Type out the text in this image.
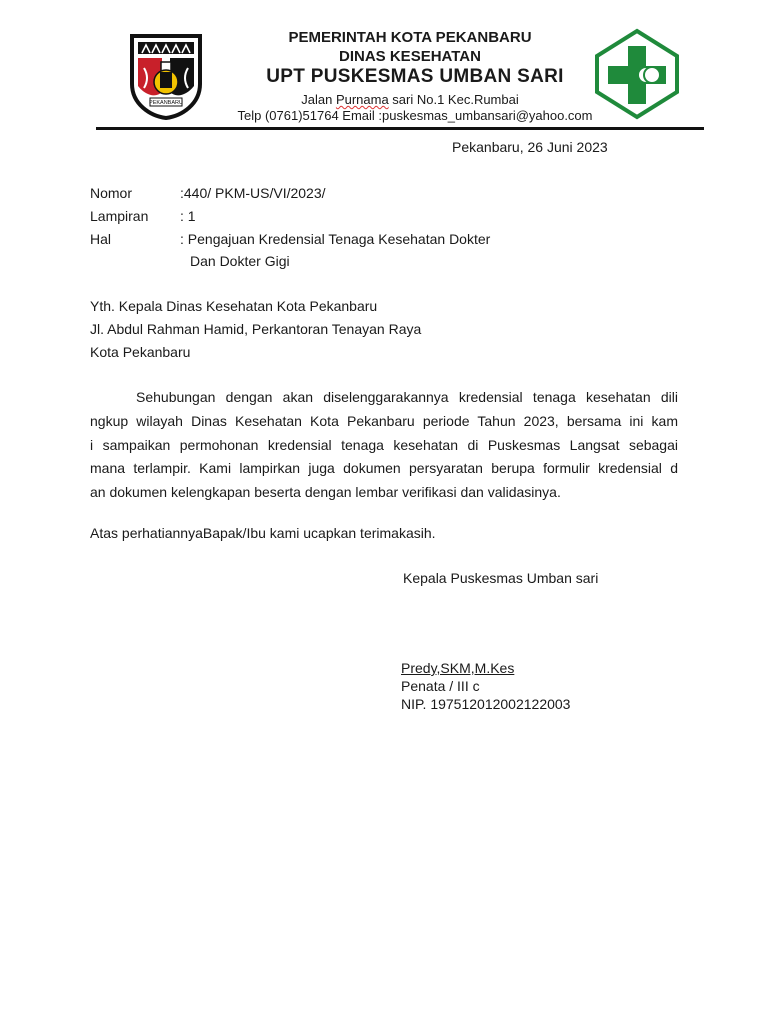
PEKANBARU
PEMERINTAH KOTA PEKANBARU
DINAS KESEHATAN
UPT PUSKESMAS UMBAN SARI
Jalan Purnama sari No.1 Kec.Rumbai
Telp (0761)51764 Email :puskesmas_umbansari@yahoo.com
Pekanbaru, 26 Juni 2023
Nomor	:440/ PKM-US/VI/2023/
Lampiran : 1
Hal	: Pengajuan Kredensial Tenaga Kesehatan Dokter
Dan Dokter Gigi
Yth. Kepala Dinas Kesehatan Kota Pekanbaru
Jl. Abdul Rahman Hamid, Perkantoran Tenayan Raya
Kota Pekanbaru
Sehubungan dengan akan diselenggarakannya kredensial tenaga kesehatan dili
ngkup wilayah Dinas Kesehatan Kota Pekanbaru periode Tahun 2023, bersama ini kam
i sampaikan permohonan kredensial tenaga kesehatan di Puskesmas Langsat sebagai
mana terlampir. Kami lampirkan juga dokumen persyaratan berupa formulir kredensial d
an dokumen kelengkapan beserta dengan lembar verifikasi dan validasinya.
Atas perhatiannyaBapak/Ibu kami ucapkan terimakasih.
Kepala Puskesmas Umban sari
Predy,SKM,M.Kes
Penata / III c
NIP. 197512012002122003
